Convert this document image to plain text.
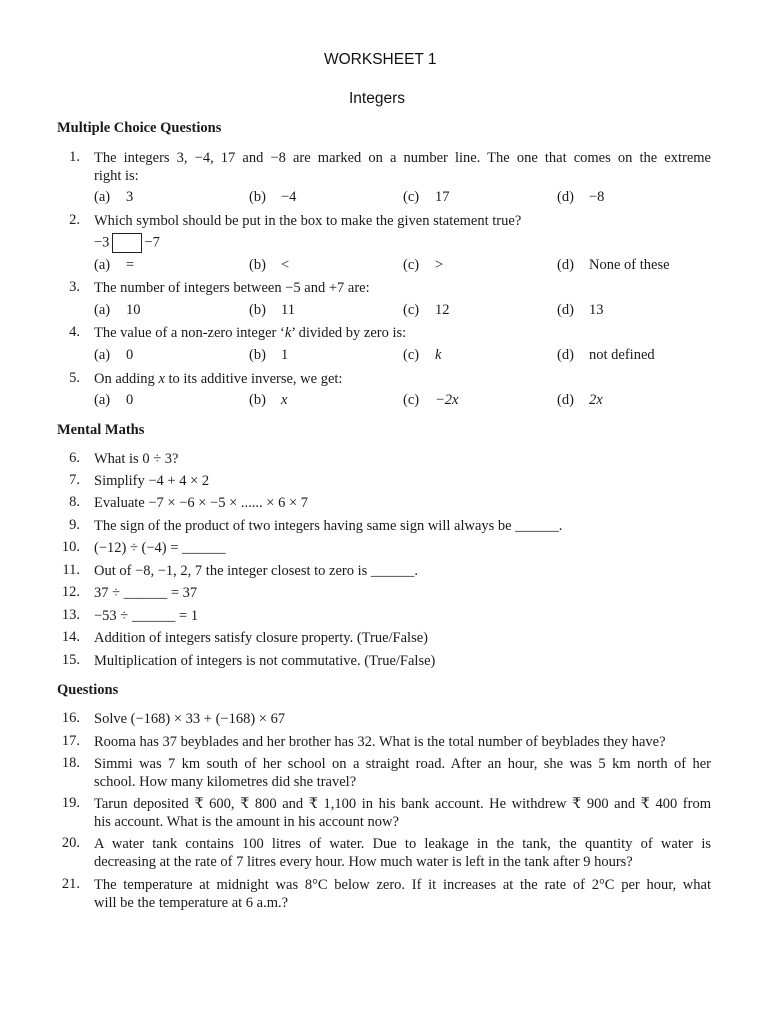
WORKSHEET 1
Integers
Multiple Choice Questions
1. The integers 3, −4, 17 and −8 are marked on a number line. The one that comes on the extreme
right is:
(a) 3	(b) −4	(c) 17	(d) −8
2. Which symbol should be put in the box to make the given statement true?
−3 −7
(a) =	(b) <	(c) >	(d) None of these
3. The number of integers between −5 and +7 are:
(a) 10	(b) 11	(c) 12	(d) 13
4. The value of a non-zero integer ‘k’ divided by zero is:
(a) 0	(b) 1	(c) k	(d) not defined
5. On adding x to its additive inverse, we get:
(a) 0	(b) x	(c) −2x	(d) 2x
Mental Maths
6. What is 0 ÷ 3?
7. Simplify −4 + 4 × 2
8. Evaluate −7 × −6 × −5 × ...... × 6 × 7
9. The sign of the product of two integers having same sign will always be ______.
10. (−12) ÷ (−4) = ______
11. Out of −8, −1, 2, 7 the integer closest to zero is ______.
12. 37 ÷ ______ = 37
13. −53 ÷ ______ = 1
14. Addition of integers satisfy closure property. (True/False)
15. Multiplication of integers is not commutative. (True/False)
Questions
16. Solve (−168) × 33 + (−168) × 67
17. Rooma has 37 beyblades and her brother has 32. What is the total number of beyblades they have?
18. Simmi was 7 km south of her school on a straight road. After an hour, she was 5 km north of her
school. How many kilometres did she travel?
19. Tarun deposited ₹ 600, ₹ 800 and ₹ 1,100 in his bank account. He withdrew ₹ 900 and ₹ 400 from
his account. What is the amount in his account now?
20. A water tank contains 100 litres of water. Due to leakage in the tank, the quantity of water is
decreasing at the rate of 7 litres every hour. How much water is left in the tank after 9 hours?
21. The temperature at midnight was 8°C below zero. If it increases at the rate of 2°C per hour, what
will be the temperature at 6 a.m.?
